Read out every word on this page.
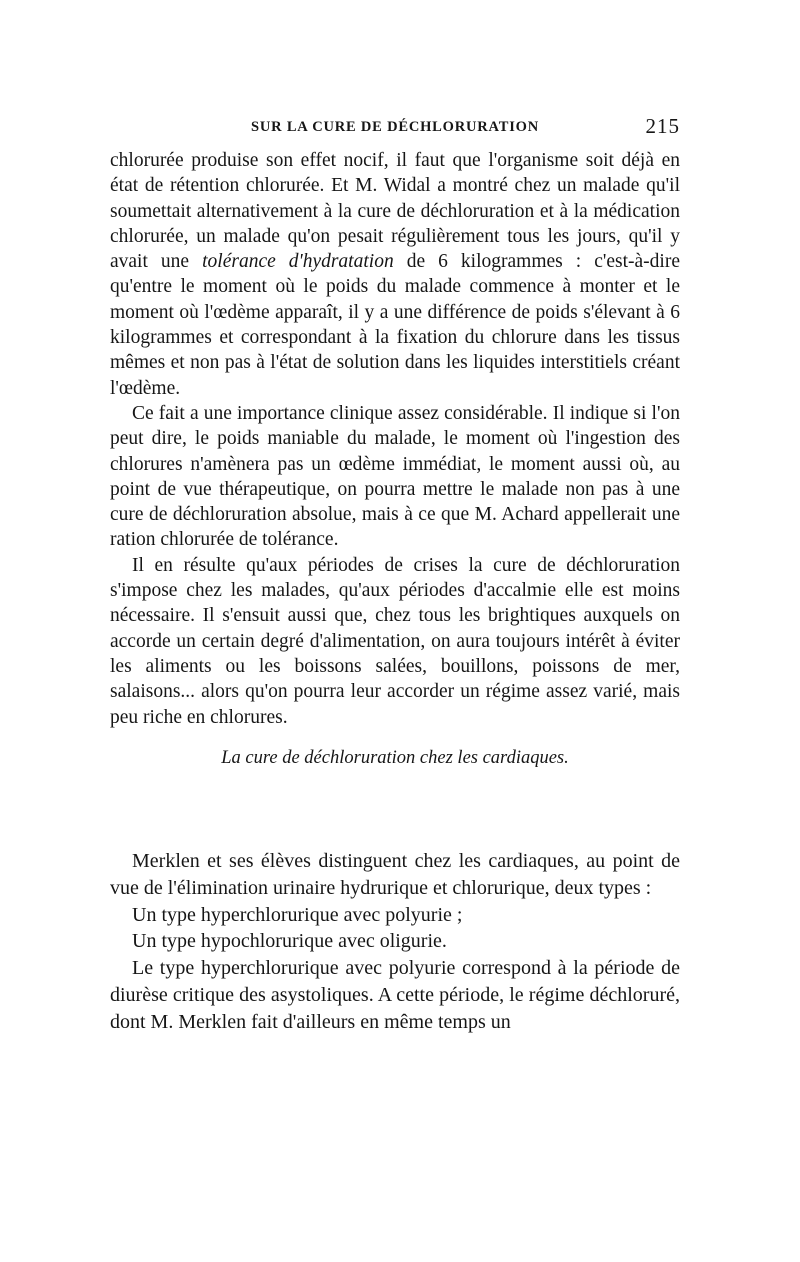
SUR LA CURE DE DÉCHLORURATION	215

chlorurée produise son effet nocif, il faut que l'organisme soit déjà en état de rétention chlorurée. Et M. Widal a montré chez un malade qu'il soumettait alternativement à la cure de déchloruration et à la médication chlorurée, un malade qu'on pesait régulièrement tous les jours, qu'il y avait une tolérance d'hydratation de 6 kilogrammes : c'est-à-dire qu'entre le moment où le poids du malade commence à monter et le moment où l'œdème apparaît, il y a une différence de poids s'élevant à 6 kilogrammes et correspondant à la fixation du chlorure dans les tissus mêmes et non pas à l'état de solution dans les liquides interstitiels créant l'œdème.

Ce fait a une importance clinique assez considérable. Il indique si l'on peut dire, le poids maniable du malade, le moment où l'ingestion des chlorures n'amènera pas un œdème immédiat, le moment aussi où, au point de vue thérapeutique, on pourra mettre le malade non pas à une cure de déchloruration absolue, mais à ce que M. Achard appellerait une ration chlorurée de tolérance.

Il en résulte qu'aux périodes de crises la cure de déchloruration s'impose chez les malades, qu'aux périodes d'accalmie elle est moins nécessaire. Il s'ensuit aussi que, chez tous les brightiques auxquels on accorde un certain degré d'alimentation, on aura toujours intérêt à éviter les aliments ou les boissons salées, bouillons, poissons de mer, salaisons... alors qu'on pourra leur accorder un régime assez varié, mais peu riche en chlorures.

La cure de déchloruration chez les cardiaques.

Merklen et ses élèves distinguent chez les cardiaques, au point de vue de l'élimination urinaire hydrurique et chlorurique, deux types :

Un type hyperchlorurique avec polyurie ;

Un type hypochlorurique avec oligurie.

Le type hyperchlorurique avec polyurie correspond à la période de diurèse critique des asystoliques. A cette période, le régime déchloruré, dont M. Merklen fait d'ailleurs en même temps un
